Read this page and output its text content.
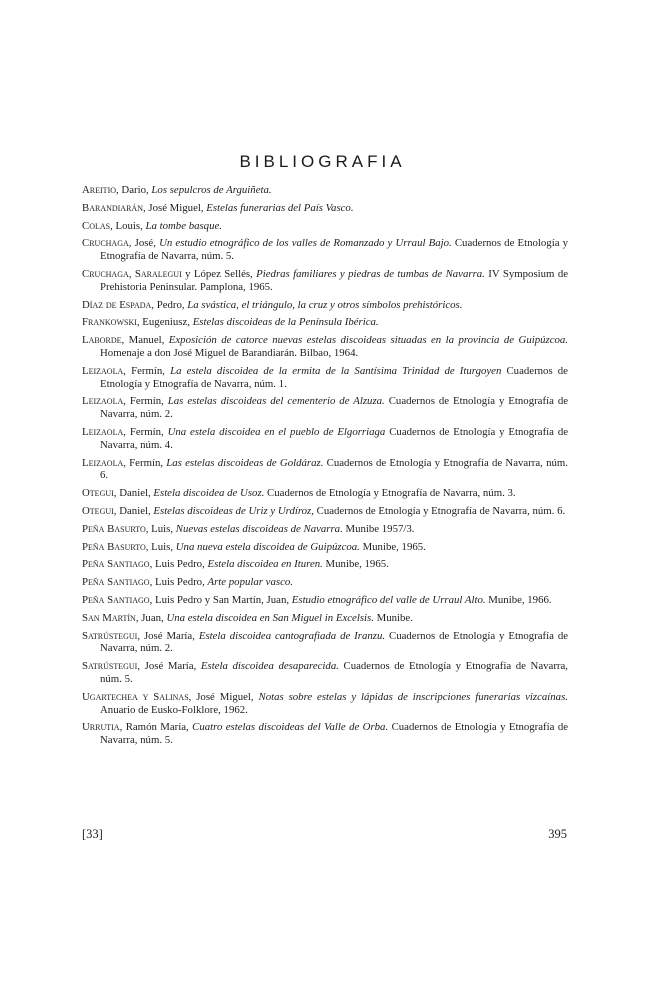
BIBLIOGRAFIA

Areitio, Dario, Los sepulcros de Arguiñeta.

Barandiarán, José Miguel, Estelas funerarias del País Vasco.

Colas, Louis, La tombe basque.

Cruchaga, José, Un estudio etnográfico de los valles de Romanzado y Urraul Bajo. Cuadernos de Etnología y Etnografía de Navarra, núm. 5.

Cruchaga, Saralegui y López Sellés, Piedras familiares y piedras de tumbas de Navarra. IV Symposium de Prehistoria Peninsular. Pamplona, 1965.

Díaz de Espada, Pedro, La svástica, el triángulo, la cruz y otros símbolos prehistóricos.

Frankowski, Eugeniusz, Estelas discoideas de la Península Ibérica.

Laborde, Manuel, Exposición de catorce nuevas estelas discoideas situadas en la provincia de Guipúzcoa. Homenaje a don José Miguel de Barandiarán. Bilbao, 1964.

Leizaola, Fermín, La estela discoidea de la ermita de la Santísima Trinidad de Iturgoyen Cuadernos de Etnología y Etnografía de Navarra, núm. 1.

Leizaola, Fermín, Las estelas discoideas del cementerio de Alzuza. Cuadernos de Etnología y Etnografía de Navarra, núm. 2.

Leizaola, Fermín, Una estela discoidea en el pueblo de Elgorriaga Cuadernos de Etnología y Etnografía de Navarra, núm. 4.

Leizaola, Fermín, Las estelas discoideas de Goldáraz. Cuadernos de Etnología y Etnografía de Navarra, núm. 6.

Otegui, Daniel, Estela discoidea de Usoz. Cuadernos de Etnología y Etnografía de Navarra, núm. 3.

Otegui, Daniel, Estelas discoideas de Uriz y Urdíroz, Cuadernos de Etnología y Etnografía de Navarra, núm. 6.

Peña Basurto, Luis, Nuevas estelas discoideas de Navarra. Munibe 1957/3.

Peña Basurto, Luis, Una nueva estela discoidea de Guipúzcoa. Munibe, 1965.

Peña Santiago, Luis Pedro, Estela discoidea en Ituren. Munibe, 1965.

Peña Santiago, Luis Pedro, Arte popular vasco.

Peña Santiago, Luis Pedro y San Martín, Juan, Estudio etnográfico del valle de Urraul Alto. Munibe, 1966.

San Martín, Juan, Una estela discoidea en San Miguel in Excelsis. Munibe.

Satrústegui, José María, Estela discoidea cantografiada de Iranzu. Cuadernos de Etnología y Etnografía de Navarra, núm. 2.

Satrústegui, José María, Estela discoidea desaparecida. Cuadernos de Etnología y Etnografía de Navarra, núm. 5.

Ugartechea y Salinas, José Miguel, Notas sobre estelas y lápidas de inscripciones funerarias vizcaínas. Anuario de Eusko-Folklore, 1962.

Urrutia, Ramón María, Cuatro estelas discoideas del Valle de Orba. Cuadernos de Etnología y Etnografía de Navarra, núm. 5.

[33]	395
